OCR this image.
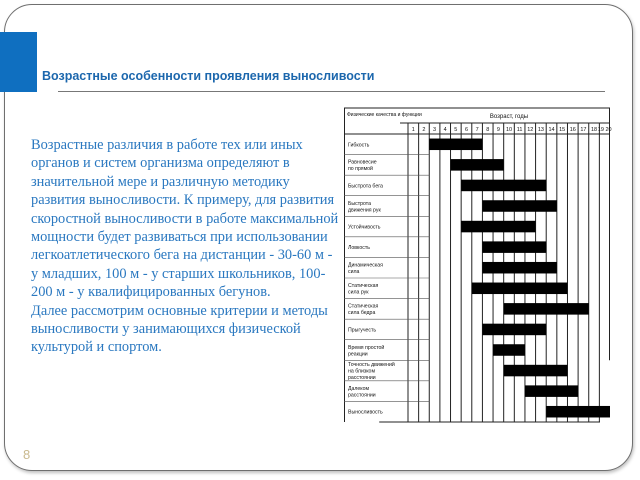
Возрастные особенности проявления выносливости

Возрастные различия в работе тех или иных органов и систем организма определяют в значительной мере и различную методику развития выносливости. К примеру, для развития скоростной выносливости в работе максимальной мощности будет развиваться при использовании легкоатлетического бега на дистанции - 30-60 м - у младших, 100 м - у старших школьников, 100-200 м - у квалифицированных бегунов.

Далее рассмотрим основные критерии и методы выносливости у занимающихся физической культурой и спортом.

Физические качества и функции	Возраст, годы
1 2 3 4 5 6 7 8 9 10 11 12 13 14 15 16 17 18 19 20
Гибкость
Равновесие
по прямой
Быстрота бега
Быстрота
движения рук
Устойчивость
Ловкость
Динамическая
сила
Статическая
сила рук
Статическая
сила бедра
Прыгучесть
Время простой
реакции
Точность движений
на близком
расстоянии
Далеком
расстоянии
Выносливость
8
